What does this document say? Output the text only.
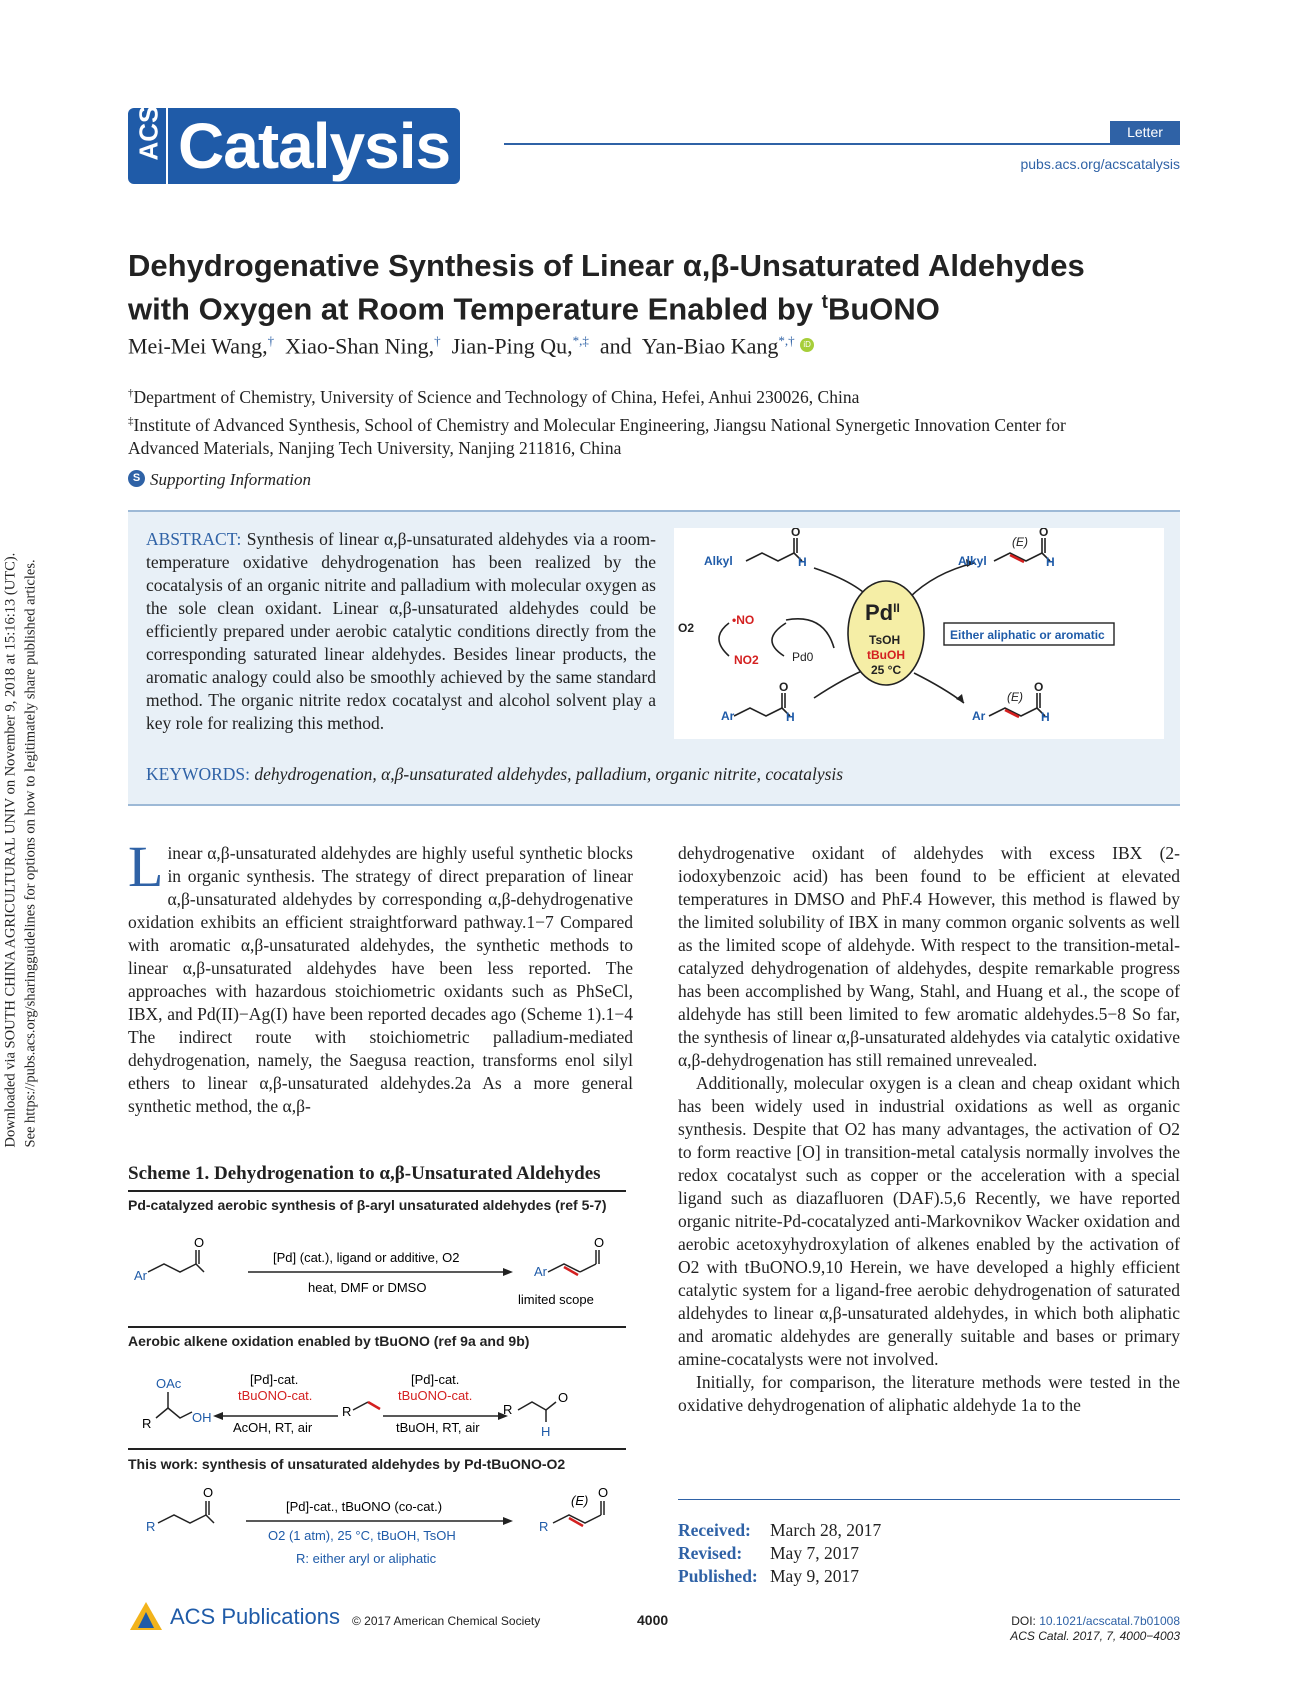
Downloaded via SOUTH CHINA AGRICULTURAL UNIV on November 9, 2018 at 15:16:13 (UTC). See https://pubs.acs.org/sharingguidelines for options on how to legitimately share published articles.
ACS Catalysis	Letter
pubs.acs.org/acscatalysis
Dehydrogenative Synthesis of Linear α,β-Unsaturated Aldehydes
with Oxygen at Room Temperature Enabled by $^t$BuONO
Mei-Mei Wang,† Xiao-Shan Ning,† Jian-Ping Qu,*,‡ and Yan-Biao Kang*,† iD
†Department of Chemistry, University of Science and Technology of China, Hefei, Anhui 230026, China
‡Institute of Advanced Synthesis, School of Chemistry and Molecular Engineering, Jiangsu National Synergetic Innovation Center for
Advanced Materials, Nanjing Tech University, Nanjing 211816, China
S Supporting Information
ABSTRACT: Synthesis of linear α,β-unsaturated aldehydes via a room-temperature oxidative dehydrogenation has been realized by the cocatalysis of an organic nitrite and palladium with molecular oxygen as the sole clean oxidant. Linear α,β-unsaturated aldehydes could be efficiently prepared under aerobic catalytic conditions directly from the corresponding saturated linear aldehydes. Besides linear products, the aromatic analogy could also be smoothly achieved by the same standard method. The organic nitrite redox cocatalyst and alcohol solvent play a key role for realizing this method.
KEYWORDS: dehydrogenation, α,β-unsaturated aldehydes, palladium, organic nitrite, cocatalysis
Alkyl	H
O
Alkyl	H
O
(E)
Ar	H
O
Ar	H
O
(E)
O2
•NO
NO2	Pd0
$Pd^{II}$
TsOH
tBuOH
25 °C
Either aliphatic or aromatic
Linear α,β-unsaturated aldehydes are highly useful synthetic blocks in organic synthesis. The strategy of direct preparation of linear α,β-unsaturated aldehydes by corresponding α,β-dehydrogenative oxidation exhibits an efficient straightforward pathway.1−7 Compared with aromatic α,β-unsaturated aldehydes, the synthetic methods to linear α,β-unsaturated aldehydes have been less reported. The approaches with hazardous stoichiometric oxidants such as PhSeCl, IBX, and Pd(II)−Ag(I) have been reported decades ago (Scheme 1).1−4 The indirect route with stoichiometric palladium-mediated dehydrogenation, namely, the Saegusa reaction, transforms enol silyl ethers to linear α,β-unsaturated aldehydes.2a As a more general synthetic method, the α,β-
Scheme 1. Dehydrogenation to α,β-Unsaturated Aldehydes
Pd-catalyzed aerobic synthesis of β-aryl unsaturated aldehydes (ref 5-7)
Ar
O
[Pd] (cat.), ligand or additive, O2
heat, DMF or DMSO
Ar
O
limited scope
Aerobic alkene oxidation enabled by tBuONO (ref 9a and 9b)
OAc
OH
R
[Pd]-cat.
tBuONO-cat.
AcOH, RT, air
R
[Pd]-cat.
tBuONO-cat.
tBuOH, RT, air
R
O
H
This work: synthesis of unsaturated aldehydes by Pd-tBuONO-O2
R
O
[Pd]-cat., tBuONO (co-cat.)
O2 (1 atm), 25 °C, tBuOH, TsOH
R: either aryl or aliphatic
R
O
(E)
dehydrogenative oxidant of aldehydes with excess IBX (2-iodoxybenzoic acid) has been found to be efficient at elevated temperatures in DMSO and PhF.4 However, this method is flawed by the limited solubility of IBX in many common organic solvents as well as the limited scope of aldehyde. With respect to the transition-metal-catalyzed dehydrogenation of aldehydes, despite remarkable progress has been accomplished by Wang, Stahl, and Huang et al., the scope of aldehyde has still been limited to few aromatic aldehydes.5−8 So far, the synthesis of linear α,β-unsaturated aldehydes via catalytic oxidative α,β-dehydrogenation has still remained unrevealed.
Additionally, molecular oxygen is a clean and cheap oxidant which has been widely used in industrial oxidations as well as organic synthesis. Despite that O2 has many advantages, the activation of O2 to form reactive [O] in transition-metal catalysis normally involves the redox cocatalyst such as copper or the acceleration with a special ligand such as diazafluoren (DAF).5,6 Recently, we have reported organic nitrite-Pd-cocatalyzed anti-Markovnikov Wacker oxidation and aerobic acetoxyhydroxylation of alkenes enabled by the activation of O2 with tBuONO.9,10 Herein, we have developed a highly efficient catalytic system for a ligand-free aerobic dehydrogenation of saturated aldehydes to linear α,β-unsaturated aldehydes, in which both aliphatic and aromatic aldehydes are generally suitable and bases or primary amine-cocatalysts were not involved.
Initially, for comparison, the literature methods were tested in the oxidative dehydrogenation of aliphatic aldehyde 1a to the
Received: March 28, 2017
Revised: May 7, 2017
Published: May 9, 2017
ACS Publications © 2017 American Chemical Society	4000	DOI: 10.1021/acscatal.7b01008
ACS Catal. 2017, 7, 4000−4003
